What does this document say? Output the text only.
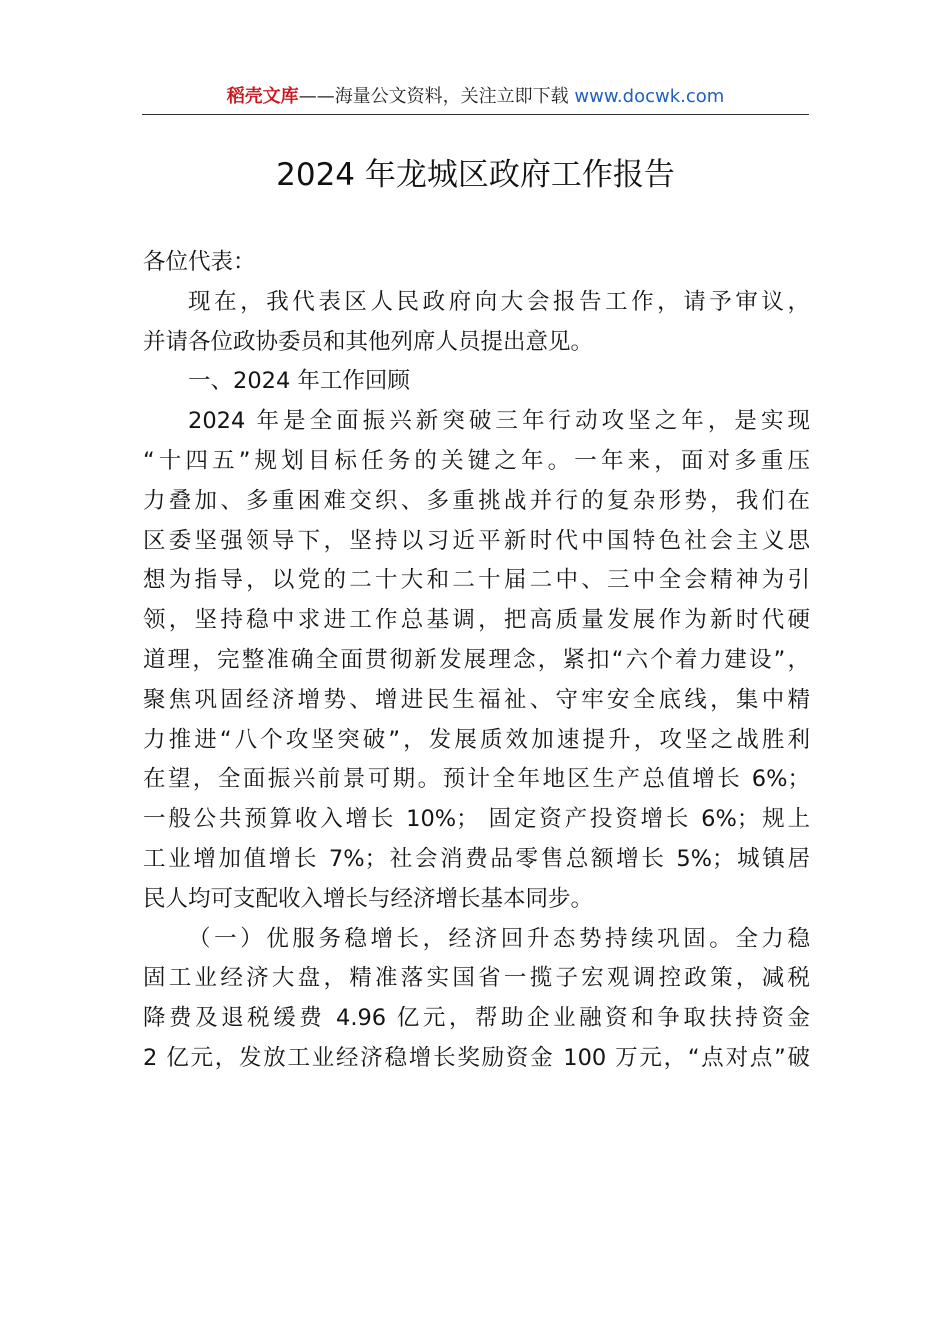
稻壳文库——海量公文资料，关注立即下载 www.docwk.com
2024 年龙城区政府工作报告

各位代表：

现在，我代表区人民政府向大会报告工作，请予审议，
并请各位政协委员和其他列席人员提出意见。

一、2024 年工作回顾

2024 年是全面振兴新突破三年行动攻坚之年，是实现
“十四五”规划目标任务的关键之年。一年来，面对多重压
力叠加、多重困难交织、多重挑战并行的复杂形势，我们在
区委坚强领导下，坚持以习近平新时代中国特色社会主义思
想为指导，以党的二十大和二十届二中、三中全会精神为引
领，坚持稳中求进工作总基调，把高质量发展作为新时代硬
道理，完整准确全面贯彻新发展理念，紧扣“六个着力建设”，
聚焦巩固经济增势、增进民生福祉、守牢安全底线，集中精
力推进“八个攻坚突破”，发展质效加速提升，攻坚之战胜利
在望，全面振兴前景可期。预计全年地区生产总值增长 6%；
一般公共预算收入增长 10%； 固定资产投资增长 6%；规上
工业增加值增长 7%；社会消费品零售总额增长 5%；城镇居
民人均可支配收入增长与经济增长基本同步。

（一）优服务稳增长，经济回升态势持续巩固。全力稳
固工业经济大盘，精准落实国省一揽子宏观调控政策，减税
降费及退税缓费 4.96 亿元，帮助企业融资和争取扶持资金
2 亿元，发放工业经济稳增长奖励资金 100 万元，“点对点”破
